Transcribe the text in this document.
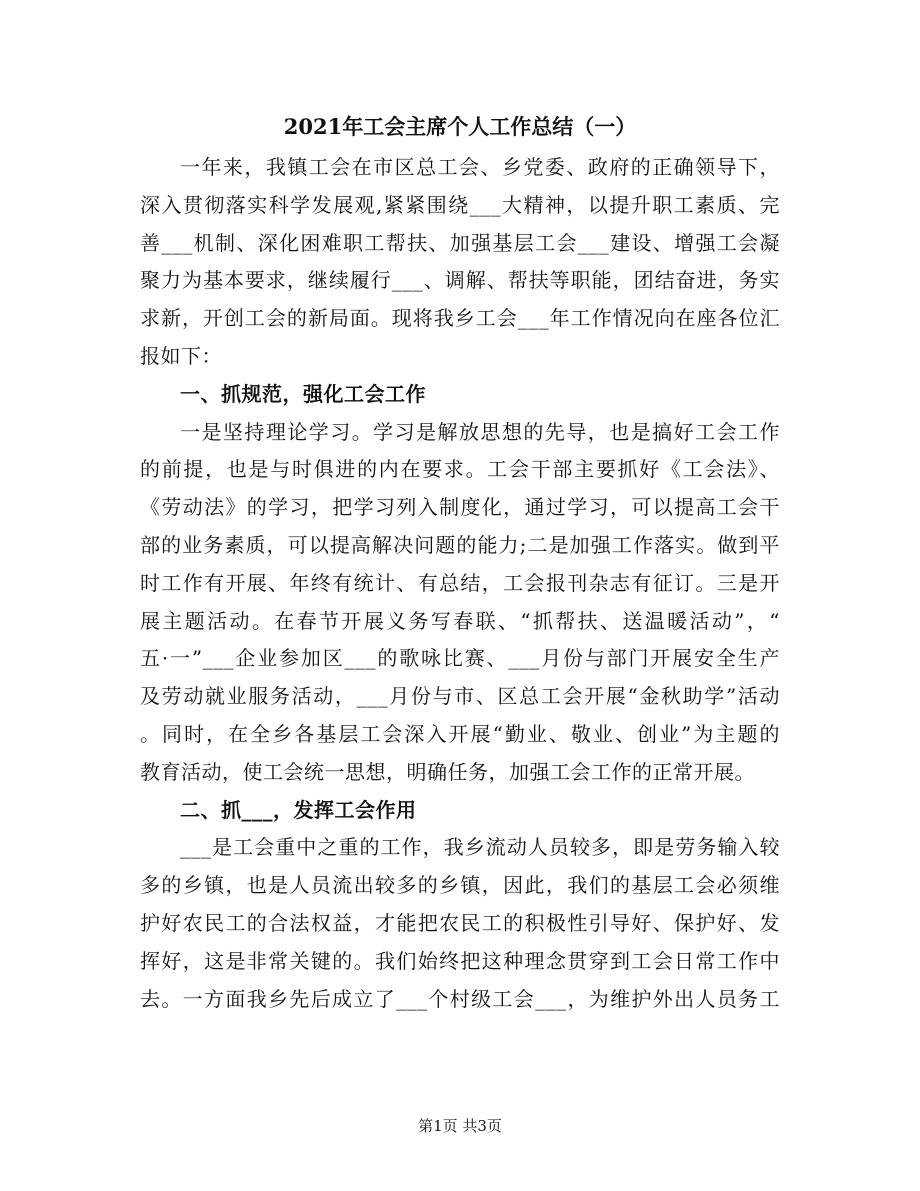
2021年工会主席个人工作总结（一）
一年来，我镇工会在市区总工会、乡党委、政府的正确领导下，
深入贯彻落实科学发展观,紧紧围绕___大精神，以提升职工素质、完
善___机制、深化困难职工帮扶、加强基层工会___建设、增强工会凝
聚力为基本要求，继续履行___、调解、帮扶等职能，团结奋进，务实
求新，开创工会的新局面。现将我乡工会___年工作情况向在座各位汇
报如下：
一、抓规范，强化工会工作
一是坚持理论学习。学习是解放思想的先导，也是搞好工会工作
的前提，也是与时俱进的内在要求。工会干部主要抓好《工会法》、
《劳动法》的学习，把学习列入制度化，通过学习，可以提高工会干
部的业务素质，可以提高解决问题的能力;二是加强工作落实。做到平
时工作有开展、年终有统计、有总结，工会报刊杂志有征订。三是开
展主题活动。在春节开展义务写春联、“抓帮扶、送温暖活动”，“
五·一”___企业参加区___的歌咏比赛、___月份与部门开展安全生产
及劳动就业服务活动，___月份与市、区总工会开展“金秋助学”活动
。同时，在全乡各基层工会深入开展“勤业、敬业、创业”为主题的
教育活动，使工会统一思想，明确任务，加强工会工作的正常开展。
二、抓___，发挥工会作用
___是工会重中之重的工作，我乡流动人员较多，即是劳务输入较
多的乡镇，也是人员流出较多的乡镇，因此，我们的基层工会必须维
护好农民工的合法权益，才能把农民工的积极性引导好、保护好、发
挥好，这是非常关键的。我们始终把这种理念贯穿到工会日常工作中
去。一方面我乡先后成立了___个村级工会___，为维护外出人员务工
第1页 共3页
